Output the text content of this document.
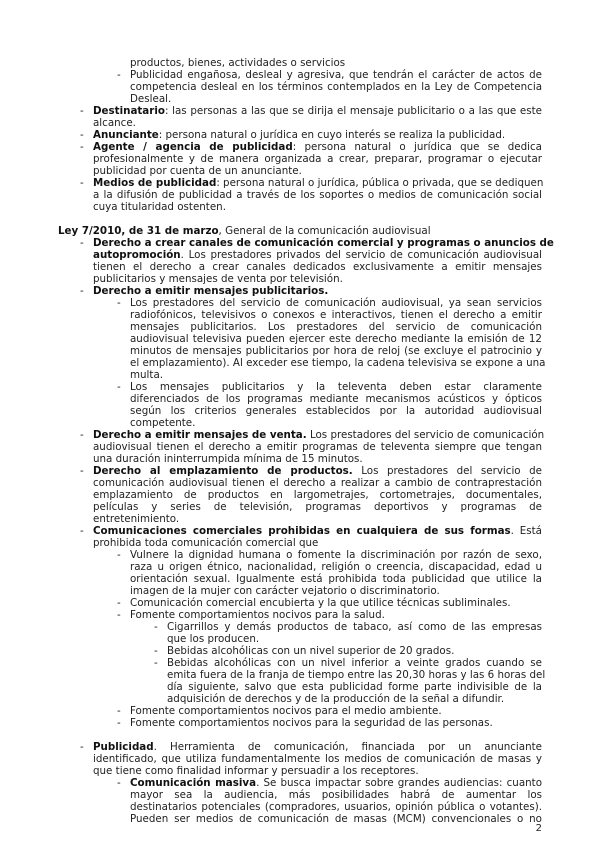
productos, bienes, actividades o servicios

- Publicidad engañosa, desleal y agresiva, que tendrán el carácter de actos de

competencia desleal en los términos contemplados en la Ley de Competencia

Desleal.

- Destinatario: las personas a las que se dirija el mensaje publicitario o a las que este

alcance.

- Anunciante: persona natural o jurídica en cuyo interés se realiza la publicidad.

- Agente / agencia de publicidad: persona natural o jurídica que se dedica

profesionalmente y de manera organizada a crear, preparar, programar o ejecutar

publicidad por cuenta de un anunciante.

- Medios de publicidad: persona natural o jurídica, pública o privada, que se dediquen

a la difusión de publicidad a través de los soportes o medios de comunicación social

cuya titularidad ostenten.

Ley 7/2010, de 31 de marzo, General de la comunicación audiovisual

- Derecho a crear canales de comunicación comercial y programas o anuncios de

autopromoción. Los prestadores privados del servicio de comunicación audiovisual

tienen el derecho a crear canales dedicados exclusivamente a emitir mensajes

publicitarios y mensajes de venta por televisión.

- Derecho a emitir mensajes publicitarios.

- Los prestadores del servicio de comunicación audiovisual, ya sean servicios

radiofónicos, televisivos o conexos e interactivos, tienen el derecho a emitir

mensajes publicitarios. Los prestadores del servicio de comunicación

audiovisual televisiva pueden ejercer este derecho mediante la emisión de 12

minutos de mensajes publicitarios por hora de reloj (se excluye el patrocinio y

el emplazamiento). Al exceder ese tiempo, la cadena televisiva se expone a una

multa.

- Los mensajes publicitarios y la televenta deben estar claramente

diferenciados de los programas mediante mecanismos acústicos y ópticos

según los criterios generales establecidos por la autoridad audiovisual

competente.

- Derecho a emitir mensajes de venta. Los prestadores del servicio de comunicación

audiovisual tienen el derecho a emitir programas de televenta siempre que tengan

una duración ininterrumpida mínima de 15 minutos.

- Derecho al emplazamiento de productos. Los prestadores del servicio de

comunicación audiovisual tienen el derecho a realizar a cambio de contraprestación

emplazamiento de productos en largometrajes, cortometrajes, documentales,

películas y series de televisión, programas deportivos y programas de

entretenimiento.

- Comunicaciones comerciales prohibidas en cualquiera de sus formas. Está

prohibida toda comunicación comercial que

- Vulnere la dignidad humana o fomente la discriminación por razón de sexo,

raza u origen étnico, nacionalidad, religión o creencia, discapacidad, edad u

orientación sexual. Igualmente está prohibida toda publicidad que utilice la

imagen de la mujer con carácter vejatorio o discriminatorio.

- Comunicación comercial encubierta y la que utilice técnicas subliminales.

- Fomente comportamientos nocivos para la salud.

- Cigarrillos y demás productos de tabaco, así como de las empresas

que los producen.

- Bebidas alcohólicas con un nivel superior de 20 grados.

- Bebidas alcohólicas con un nivel inferior a veinte grados cuando se

emita fuera de la franja de tiempo entre las 20,30 horas y las 6 horas del

día siguiente, salvo que esta publicidad forme parte indivisible de la

adquisición de derechos y de la producción de la señal a difundir.

- Fomente comportamientos nocivos para el medio ambiente.

- Fomente comportamientos nocivos para la seguridad de las personas.

- Publicidad. Herramienta de comunicación, financiada por un anunciante

identificado, que utiliza fundamentalmente los medios de comunicación de masas y

que tiene como finalidad informar y persuadir a los receptores.

- Comunicación masiva. Se busca impactar sobre grandes audiencias: cuanto

mayor sea la audiencia, más posibilidades habrá de aumentar los

destinatarios potenciales (compradores, usuarios, opinión pública o votantes).

Pueden ser medios de comunicación de masas (MCM) convencionales o no

2
